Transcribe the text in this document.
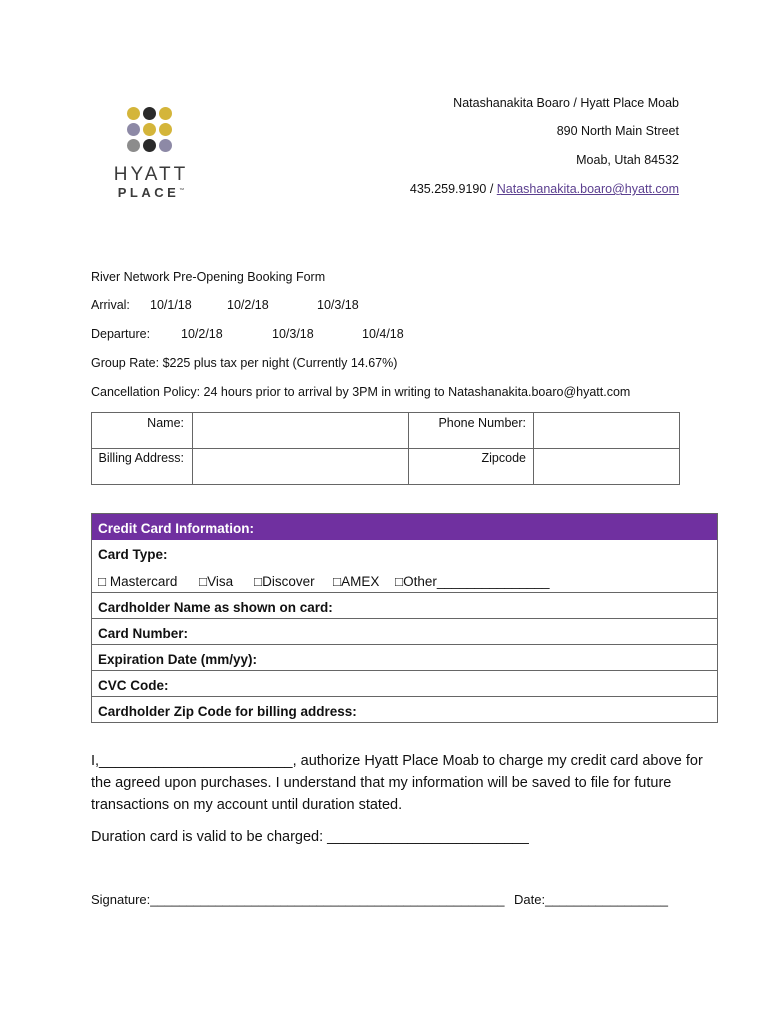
HYATT
PLACE™
Natashanakita Boaro / Hyatt Place Moab
890 North Main Street
Moab, Utah 84532
435.259.9190 / Natashanakita.boaro@hyatt.com
River Network Pre-Opening Booking Form
Arrival: 10/1/18	10/2/18	10/3/18
Departure: 10/2/18	10/3/18	10/4/18
Group Rate: $225 plus tax per night (Currently 14.67%)
Cancellation Policy: 24 hours prior to arrival by 3PM in writing to Natashanakita.boaro@hyatt.com
Name:	Phone Number:
Billing Address:	Zipcode
Credit Card Information:
Card Type:
□ Mastercard □Visa □Discover □AMEX □Other_______________
Cardholder Name as shown on card:
Card Number:
Expiration Date (mm/yy):
CVC Code:
Cardholder Zip Code for billing address:
I,________________________, authorize Hyatt Place Moab to charge my credit card above for
the agreed upon purchases. I understand that my information will be saved to file for future
transactions on my account until duration stated.
Duration card is valid to be charged: _________________________
Signature:_________________________________________________ Date:_________________
